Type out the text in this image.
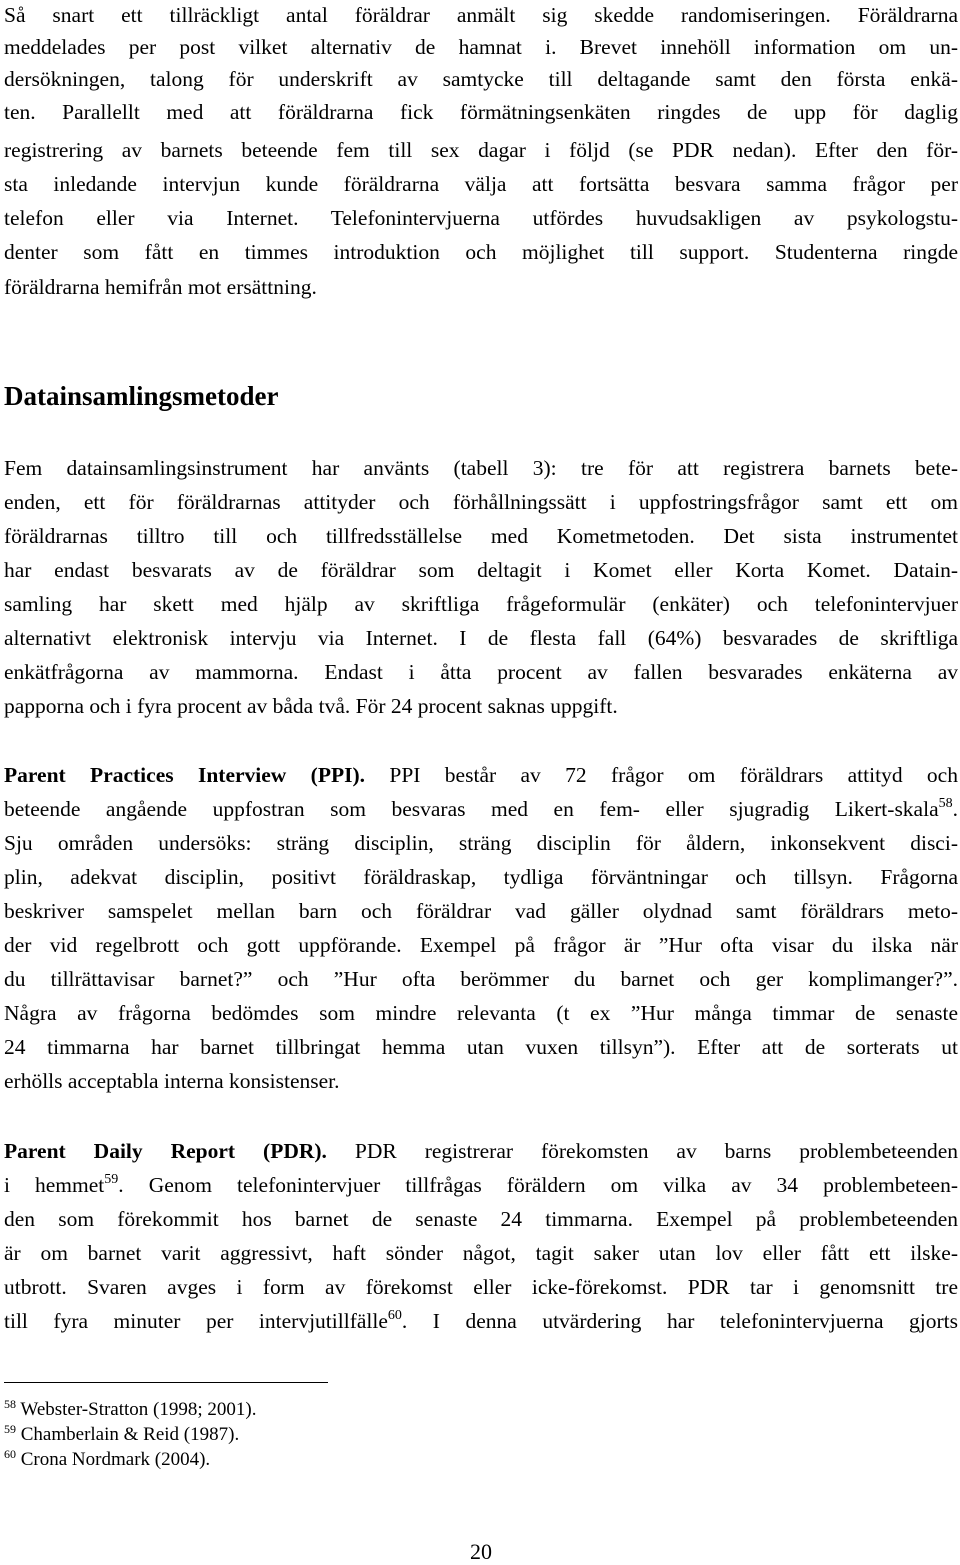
Så snart ett tillräckligt antal föräldrar anmält sig skedde randomiseringen. Föräldrarna
meddelades per post vilket alternativ de hamnat i. Brevet innehöll information om un-
dersökningen, talong för underskrift av samtycke till deltagande samt den första enkä-
ten. Parallellt med att föräldrarna fick förmätningsenkäten ringdes de upp för daglig
registrering av barnets beteende fem till sex dagar i följd (se PDR nedan). Efter den för-
sta inledande intervjun kunde föräldrarna välja att fortsätta besvara samma frågor per
telefon eller via Internet. Telefonintervjuerna utfördes huvudsakligen av psykologstu-
denter som fått en timmes introduktion och möjlighet till support. Studenterna ringde
föräldrarna hemifrån mot ersättning.
Datainsamlingsmetoder
Fem datainsamlingsinstrument har använts (tabell 3): tre för att registrera barnets bete-
enden, ett för föräldrarnas attityder och förhållningssätt i uppfostringsfrågor samt ett om
föräldrarnas tilltro till och tillfredsställelse med Kometmetoden. Det sista instrumentet
har endast besvarats av de föräldrar som deltagit i Komet eller Korta Komet. Datain-
samling har skett med hjälp av skriftliga frågeformulär (enkäter) och telefonintervjuer
alternativt elektronisk intervju via Internet. I de flesta fall (64%) besvarades de skriftliga
enkätfrågorna av mammorna. Endast i åtta procent av fallen besvarades enkäterna av
papporna och i fyra procent av båda två. För 24 procent saknas uppgift.
Parent Practices Interview (PPI). PPI består av 72 frågor om föräldrars attityd och
beteende angående uppfostran som besvaras med en fem- eller sjugradig Likert-skala$^{58}$.
Sju områden undersöks: sträng disciplin, sträng disciplin för åldern, inkonsekvent disci-
plin, adekvat disciplin, positivt föräldraskap, tydliga förväntningar och tillsyn. Frågorna
beskriver samspelet mellan barn och föräldrar vad gäller olydnad samt föräldrars meto-
der vid regelbrott och gott uppförande. Exempel på frågor är ”Hur ofta visar du ilska när
du tillrättavisar barnet?” och ”Hur ofta berömmer du barnet och ger komplimanger?”.
Några av frågorna bedömdes som mindre relevanta (t ex ”Hur många timmar de senaste
24 timmarna har barnet tillbringat hemma utan vuxen tillsyn”). Efter att de sorterats ut
erhölls acceptabla interna konsistenser.
Parent Daily Report (PDR). PDR registrerar förekomsten av barns problembeteenden
i hemmet$^{59}$. Genom telefonintervjuer tillfrågas föräldern om vilka av 34 problembeteen-
den som förekommit hos barnet de senaste 24 timmarna. Exempel på problembeteenden
är om barnet varit aggressivt, haft sönder något, tagit saker utan lov eller fått ett ilske-
utbrott. Svaren avges i form av förekomst eller icke-förekomst. PDR tar i genomsnitt tre
till fyra minuter per intervjutillfälle$^{60}$. I denna utvärdering har telefonintervjuerna gjorts
$^{58}$ Webster-Stratton (1998; 2001).
$^{59}$ Chamberlain & Reid (1987).
$^{60}$ Crona Nordmark (2004).
20
